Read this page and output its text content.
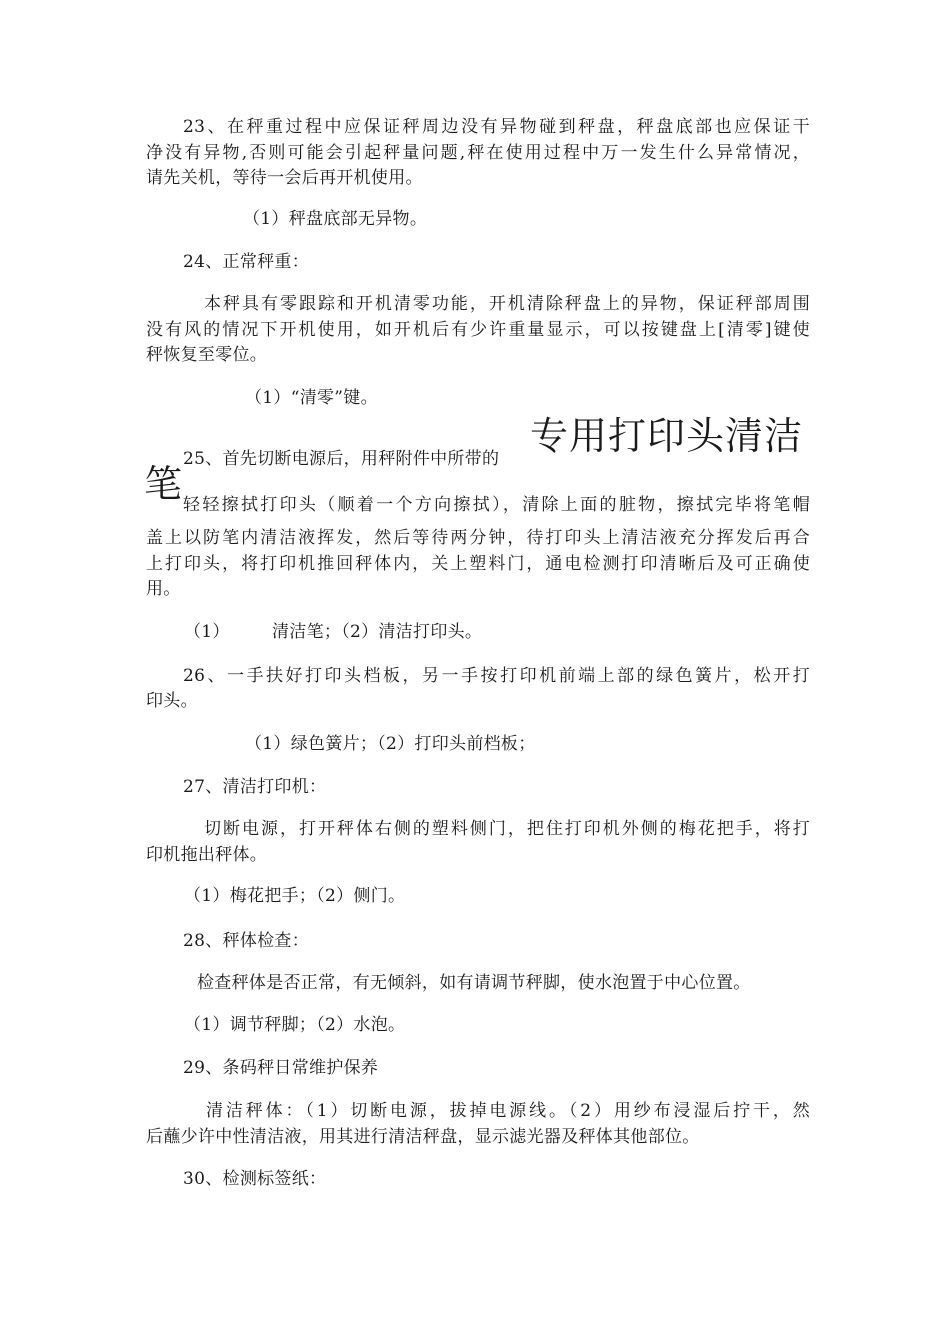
23、在秤重过程中应保证秤周边没有异物碰到秤盘，秤盘底部也应保证干
净没有异物,否则可能会引起秤量问题,秤在使用过程中万一发生什么异常情况，
请先关机，等待一会后再开机使用。
（1）秤盘底部无异物。
24、正常秤重：
本秤具有零跟踪和开机清零功能，开机清除秤盘上的异物，保证秤部周围
没有风的情况下开机使用，如开机后有少许重量显示，可以按键盘上[清零]键使
秤恢复至零位。
（1）“清零”键。
25、首先切断电源后，用秤附件中所带的
专用打印头清洁
笔 轻轻擦拭打印头（顺着一个方向擦拭），清除上面的脏物，擦拭完毕将笔帽
盖上以防笔内清洁液挥发，然后等待两分钟，待打印头上清洁液充分挥发后再合
上打印头，将打印机推回秤体内，关上塑料门，通电检测打印清晰后及可正确使
用。
（1）	清洁笔；（2）清洁打印头。
26、一手扶好打印头档板，另一手按打印机前端上部的绿色簧片，松开打
印头。
（1）绿色簧片；（2）打印头前档板；
27、清洁打印机：
切断电源，打开秤体右侧的塑料侧门，把住打印机外侧的梅花把手，将打
印机拖出秤体。
（1）梅花把手；（2）侧门。
28、秤体检查：
检查秤体是否正常，有无倾斜，如有请调节秤脚，使水泡置于中心位置。
（1）调节秤脚；（2）水泡。
29、条码秤日常维护保养
清洁秤体：（1）切断电源，拔掉电源线。（2）用纱布浸湿后拧干，然
后蘸少许中性清洁液，用其进行清洁秤盘，显示滤光器及秤体其他部位。
30、检测标签纸：
